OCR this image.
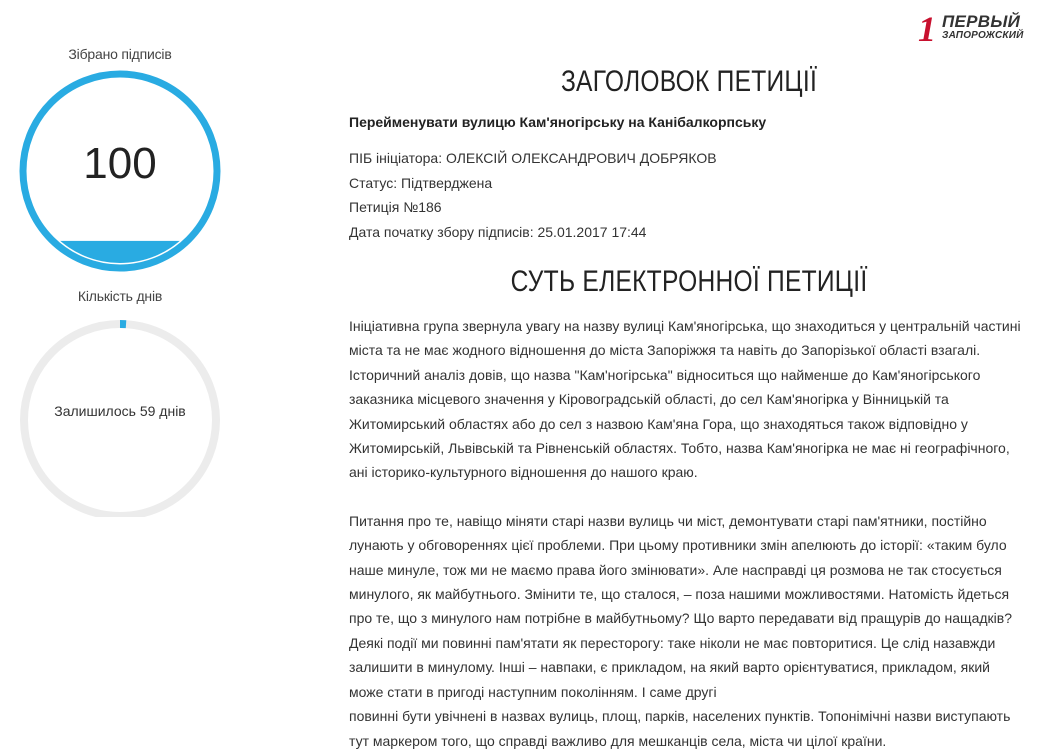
Зібрано підписів
100
Кількість днів
Залишилось 59 днів
1 ПЕРВЫЙ
ЗАПОРОЖСКИЙ
ЗАГОЛОВОК ПЕТИЦІЇ
Перейменувати вулицю Кам'яногірську на Канібалкорпську
ПІБ ініціатора: ОЛЕКСІЙ ОЛЕКСАНДРОВИЧ ДОБРЯКОВ
Статус: Підтверджена
Петиція №186
Дата початку збору підписів: 25.01.2017 17:44
СУТЬ ЕЛЕКТРОННОЇ ПЕТИЦІЇ

Ініціативна група звернула увагу на назву вулиці Кам'яногірська, що знаходиться у центральній частині міста та не має жодного відношення до міста Запоріжжя та навіть до Запорізької області взагалі. Історичний аналіз довів, що назва "Кам'ногірська" відноситься що найменше до Кам'яногірського заказника місцевого значення у Кіровоградській області, до сел Кам'яногірка у Вінницькій та Житомирський областях або до сел з назвою Кам'яна Гора, що знаходяться також відповідно у Житомирській, Львівській та Рівненській областях. Тобто, назва Кам'яногірка не має ні географічного, ані історико-культурного відношення до нашого краю.

Питання про те, навіщо міняти старі назви вулиць чи міст, демонтувати старі пам'ятники, постійно лунають у обговореннях цієї проблеми. При цьому противники змін апелюють до історії: «таким було наше минуле, тож ми не маємо права його змінювати». Але насправді ця розмова не так стосується минулого, як майбутнього. Змінити те, що сталося, – поза нашими можливостями. Натомість йдеться про те, що з минулого нам потрібне в майбутньому? Що варто передавати від пращурів до нащадків? Деякі події ми повинні пам'ятати як пересторогу: таке ніколи не має повторитися. Це слід назавжди залишити в минулому. Інші – навпаки, є прикладом, на який варто орієнтуватися, прикладом, який може стати в пригоді наступним поколінням. І саме другі
повинні бути увічнені в назвах вулиць, площ, парків, населених пунктів. Топонімічні назви виступають тут маркером того, що справді важливо для мешканців села, міста чи цілої країни.
